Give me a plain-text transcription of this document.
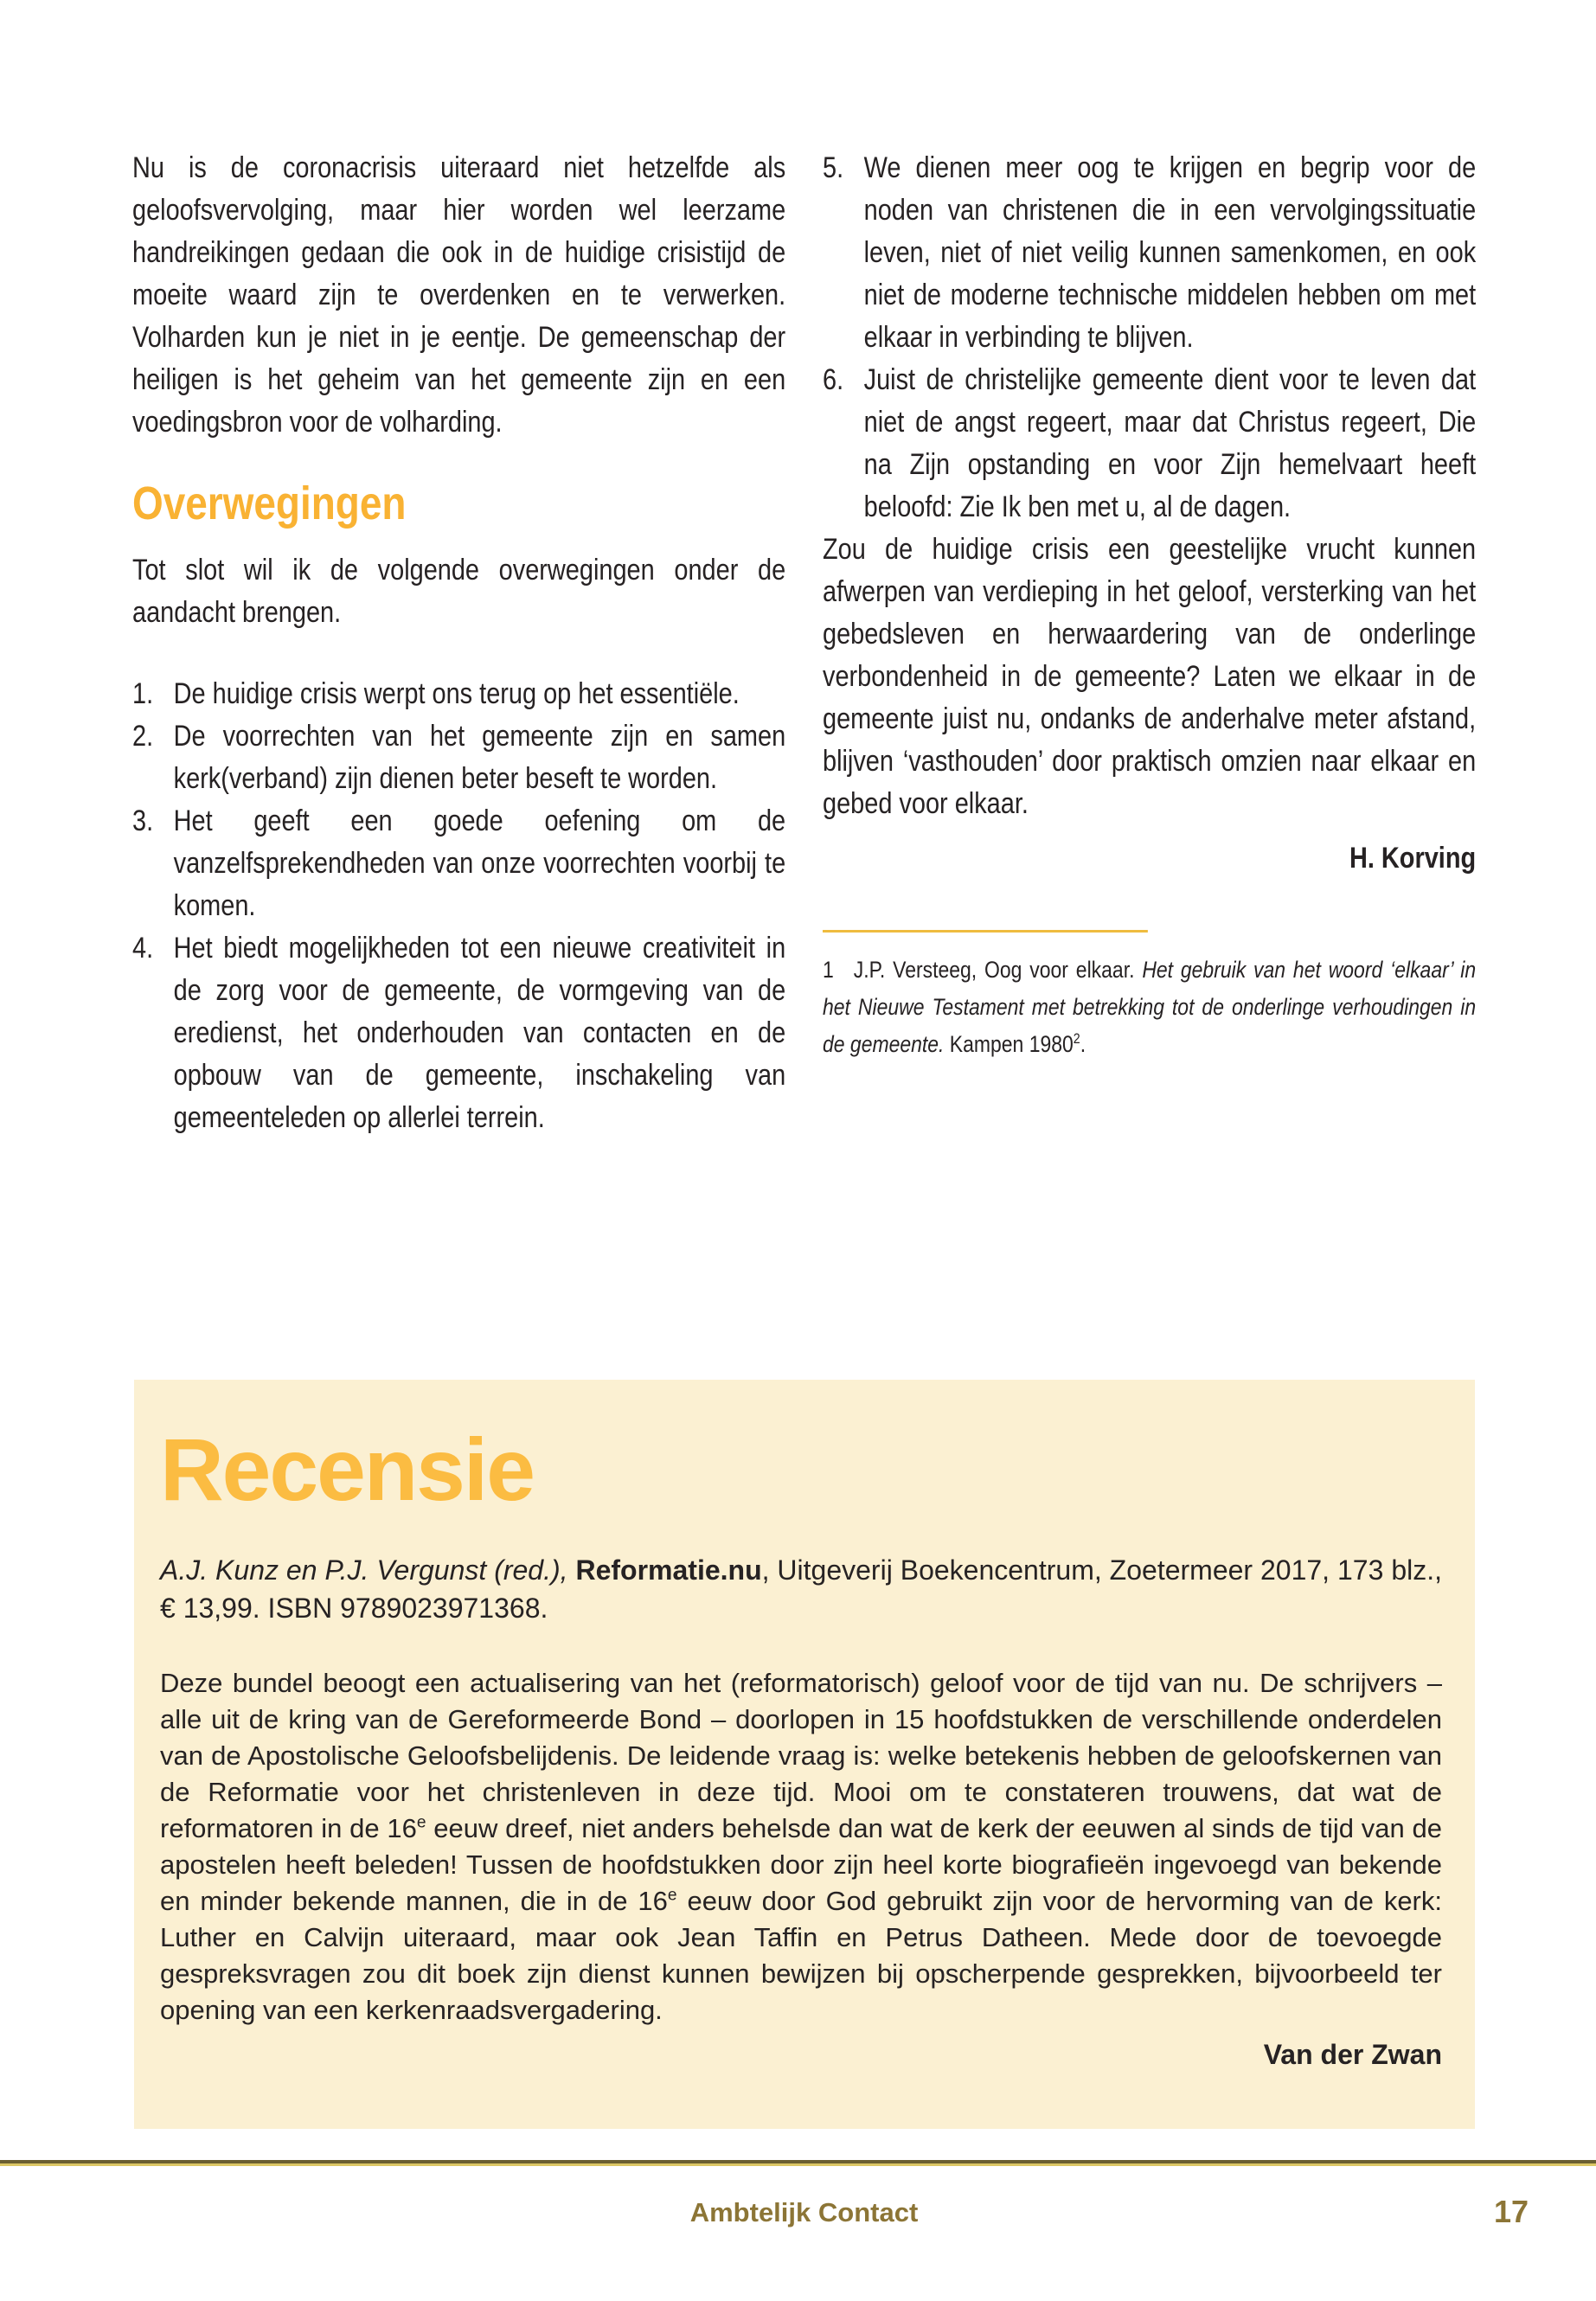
Nu is de coronacrisis uiteraard niet hetzelfde als geloofsvervolging, maar hier worden wel leerzame handreikingen gedaan die ook in de huidige crisistijd de moeite waard zijn te overdenken en te verwerken. Volharden kun je niet in je eentje. De gemeenschap der heiligen is het geheim van het gemeente zijn en een voedingsbron voor de volharding.

Overwegingen

Tot slot wil ik de volgende overwegingen onder de aandacht brengen.

1. De huidige crisis werpt ons terug op het essentiële.
2. De voorrechten van het gemeente zijn en samen kerk(verband) zijn dienen beter beseft te worden.
3. Het geeft een goede oefening om de vanzelfsprekendheden van onze voorrechten voorbij te komen.
4. Het biedt mogelijkheden tot een nieuwe creativiteit in de zorg voor de gemeente, de vormgeving van de eredienst, het onderhouden van contacten en de opbouw van de gemeente, inschakeling van gemeenteleden op allerlei terrein.
5. We dienen meer oog te krijgen en begrip voor de noden van christenen die in een vervolgingssituatie leven, niet of niet veilig kunnen samenkomen, en ook niet de moderne technische middelen hebben om met elkaar in verbinding te blijven.
6. Juist de christelijke gemeente dient voor te leven dat niet de angst regeert, maar dat Christus regeert, Die na Zijn opstanding en voor Zijn hemelvaart heeft beloofd: Zie Ik ben met u, al de dagen.

Zou de huidige crisis een geestelijke vrucht kunnen afwerpen van verdieping in het geloof, versterking van het gebedsleven en herwaardering van de onderlinge verbondenheid in de gemeente? Laten we elkaar in de gemeente juist nu, ondanks de anderhalve meter afstand, blijven ‘vasthouden’ door praktisch omzien naar elkaar en gebed voor elkaar.

H. Korving

1 J.P. Versteeg, Oog voor elkaar. Het gebruik van het woord ‘elkaar’ in het Nieuwe Testament met betrekking tot de onderlinge verhoudingen in de gemeente. Kampen 1980$^2$.

Recensie

A.J. Kunz en P.J. Vergunst (red.), Reformatie.nu, Uitgeverij Boekencentrum, Zoetermeer 2017, 173 blz., € 13,99. ISBN 9789023971368.

Deze bundel beoogt een actualisering van het (reformatorisch) geloof voor de tijd van nu. De schrijvers – alle uit de kring van de Gereformeerde Bond – doorlopen in 15 hoofdstukken de verschillende onderdelen van de Apostolische Geloofsbelijdenis. De leidende vraag is: welke betekenis hebben de geloofskernen van de Reformatie voor het christenleven in deze tijd. Mooi om te constateren trouwens, dat wat de reformatoren in de 16e eeuw dreef, niet anders behelsde dan wat de kerk der eeuwen al sinds de tijd van de apostelen heeft beleden! Tussen de hoofdstukken door zijn heel korte biografieën ingevoegd van bekende en minder bekende mannen, die in de 16e eeuw door God gebruikt zijn voor de hervorming van de kerk: Luther en Calvijn uiteraard, maar ook Jean Taffin en Petrus Datheen. Mede door de toevoegde gespreksvragen zou dit boek zijn dienst kunnen bewijzen bij opscherpende gesprekken, bijvoorbeeld ter opening van een kerkenraadsvergadering.

Van der Zwan
Ambtelijk Contact	17
